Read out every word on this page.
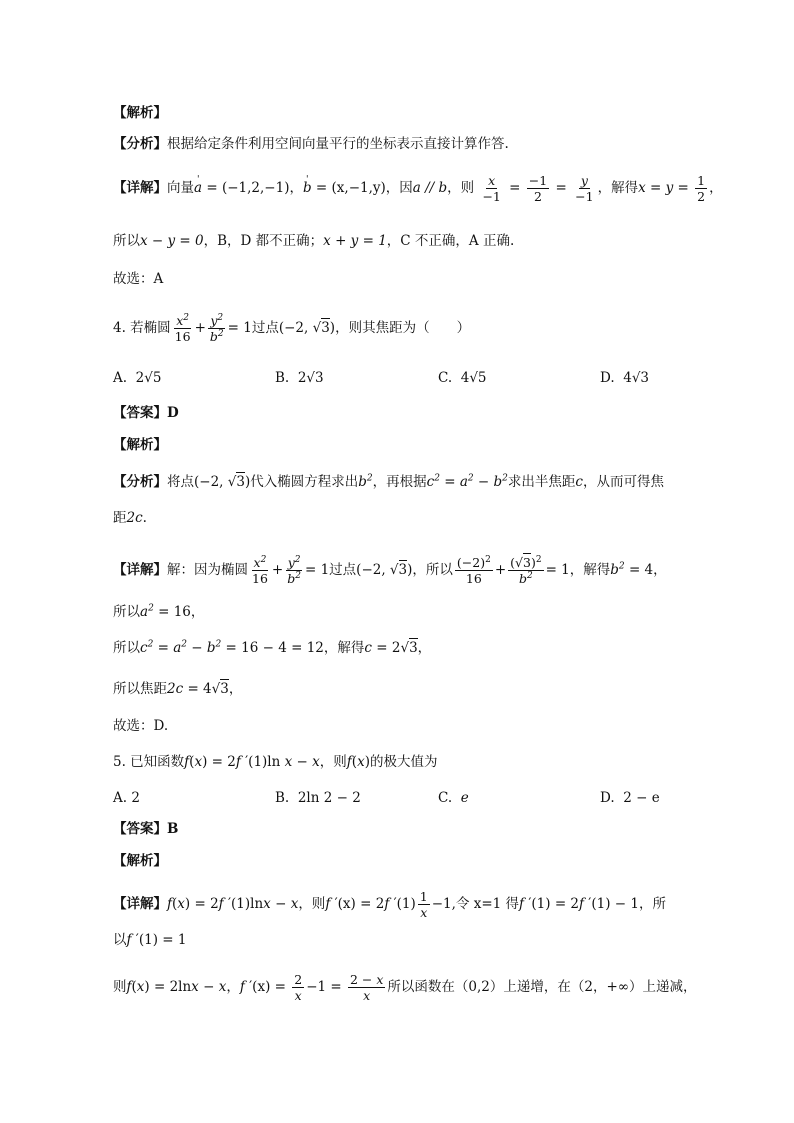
【解析】
【分析】根据给定条件利用空间向量平行的坐标表示直接计算作答.
【详解】向量' a = (−1,2,−1)，' b = (x,−1,y)，因a // b，则 $\frac{x}{-1} = \frac{-1}{2} = \frac{y}{-1}$ ，解得$x = y = \frac{1}{2}$ ，
所以x − y = 0，B，D 都不正确；x + y = 1，C 不正确，A 正确.
故选：A
4. 若椭圆 $\frac{x^2}{16} + \frac{y^2}{b^2} = 1$过点(−2, √3)，则其焦距为（　　）
A. 2√5	B. 2√3	C. 4√5	D. 4√3
【答案】D
【解析】
【分析】将点(−2, √3)代入椭圆方程求出$b^2$，再根据$c^2 = a^2 - b^2$求出半焦距c，从而可得焦
距2c.
【详解】解：因为椭圆 $\frac{x^2}{16} + \frac{y^2}{b^2} = 1$过点(−2, √3)，所以 $\frac{(-2)^2}{16} + \frac{(√3)^2}{b^2} = 1$，解得$b^2 = 4$，
所以$a^2 = 16$，
所以$c^2 = a^2 - b^2 = 16 - 4 = 12$，解得c = 2√3，
所以焦距2c = 4√3，
故选：D.
5. 已知函数f(x) = 2f ′(1)ln x − x，则f(x)的极大值为
A. 2	B. 2ln 2 − 2	C. e	D. 2 − e
【答案】B
【解析】
【详解】f(x) = 2f ′(1)lnx − x，则f ′(x) = 2f $'(1) \frac{1}{x} -1$,令 x=1 得f ′(1) = 2f ′(1) − 1，所
以f ′(1) = 1
则f(x) = 2lnx − x，f $'(x) = \frac{2}{x} -1 = \frac{2 - x}{x}$ 所以函数在（0,2）上递增，在（2，+∞）上递减，
